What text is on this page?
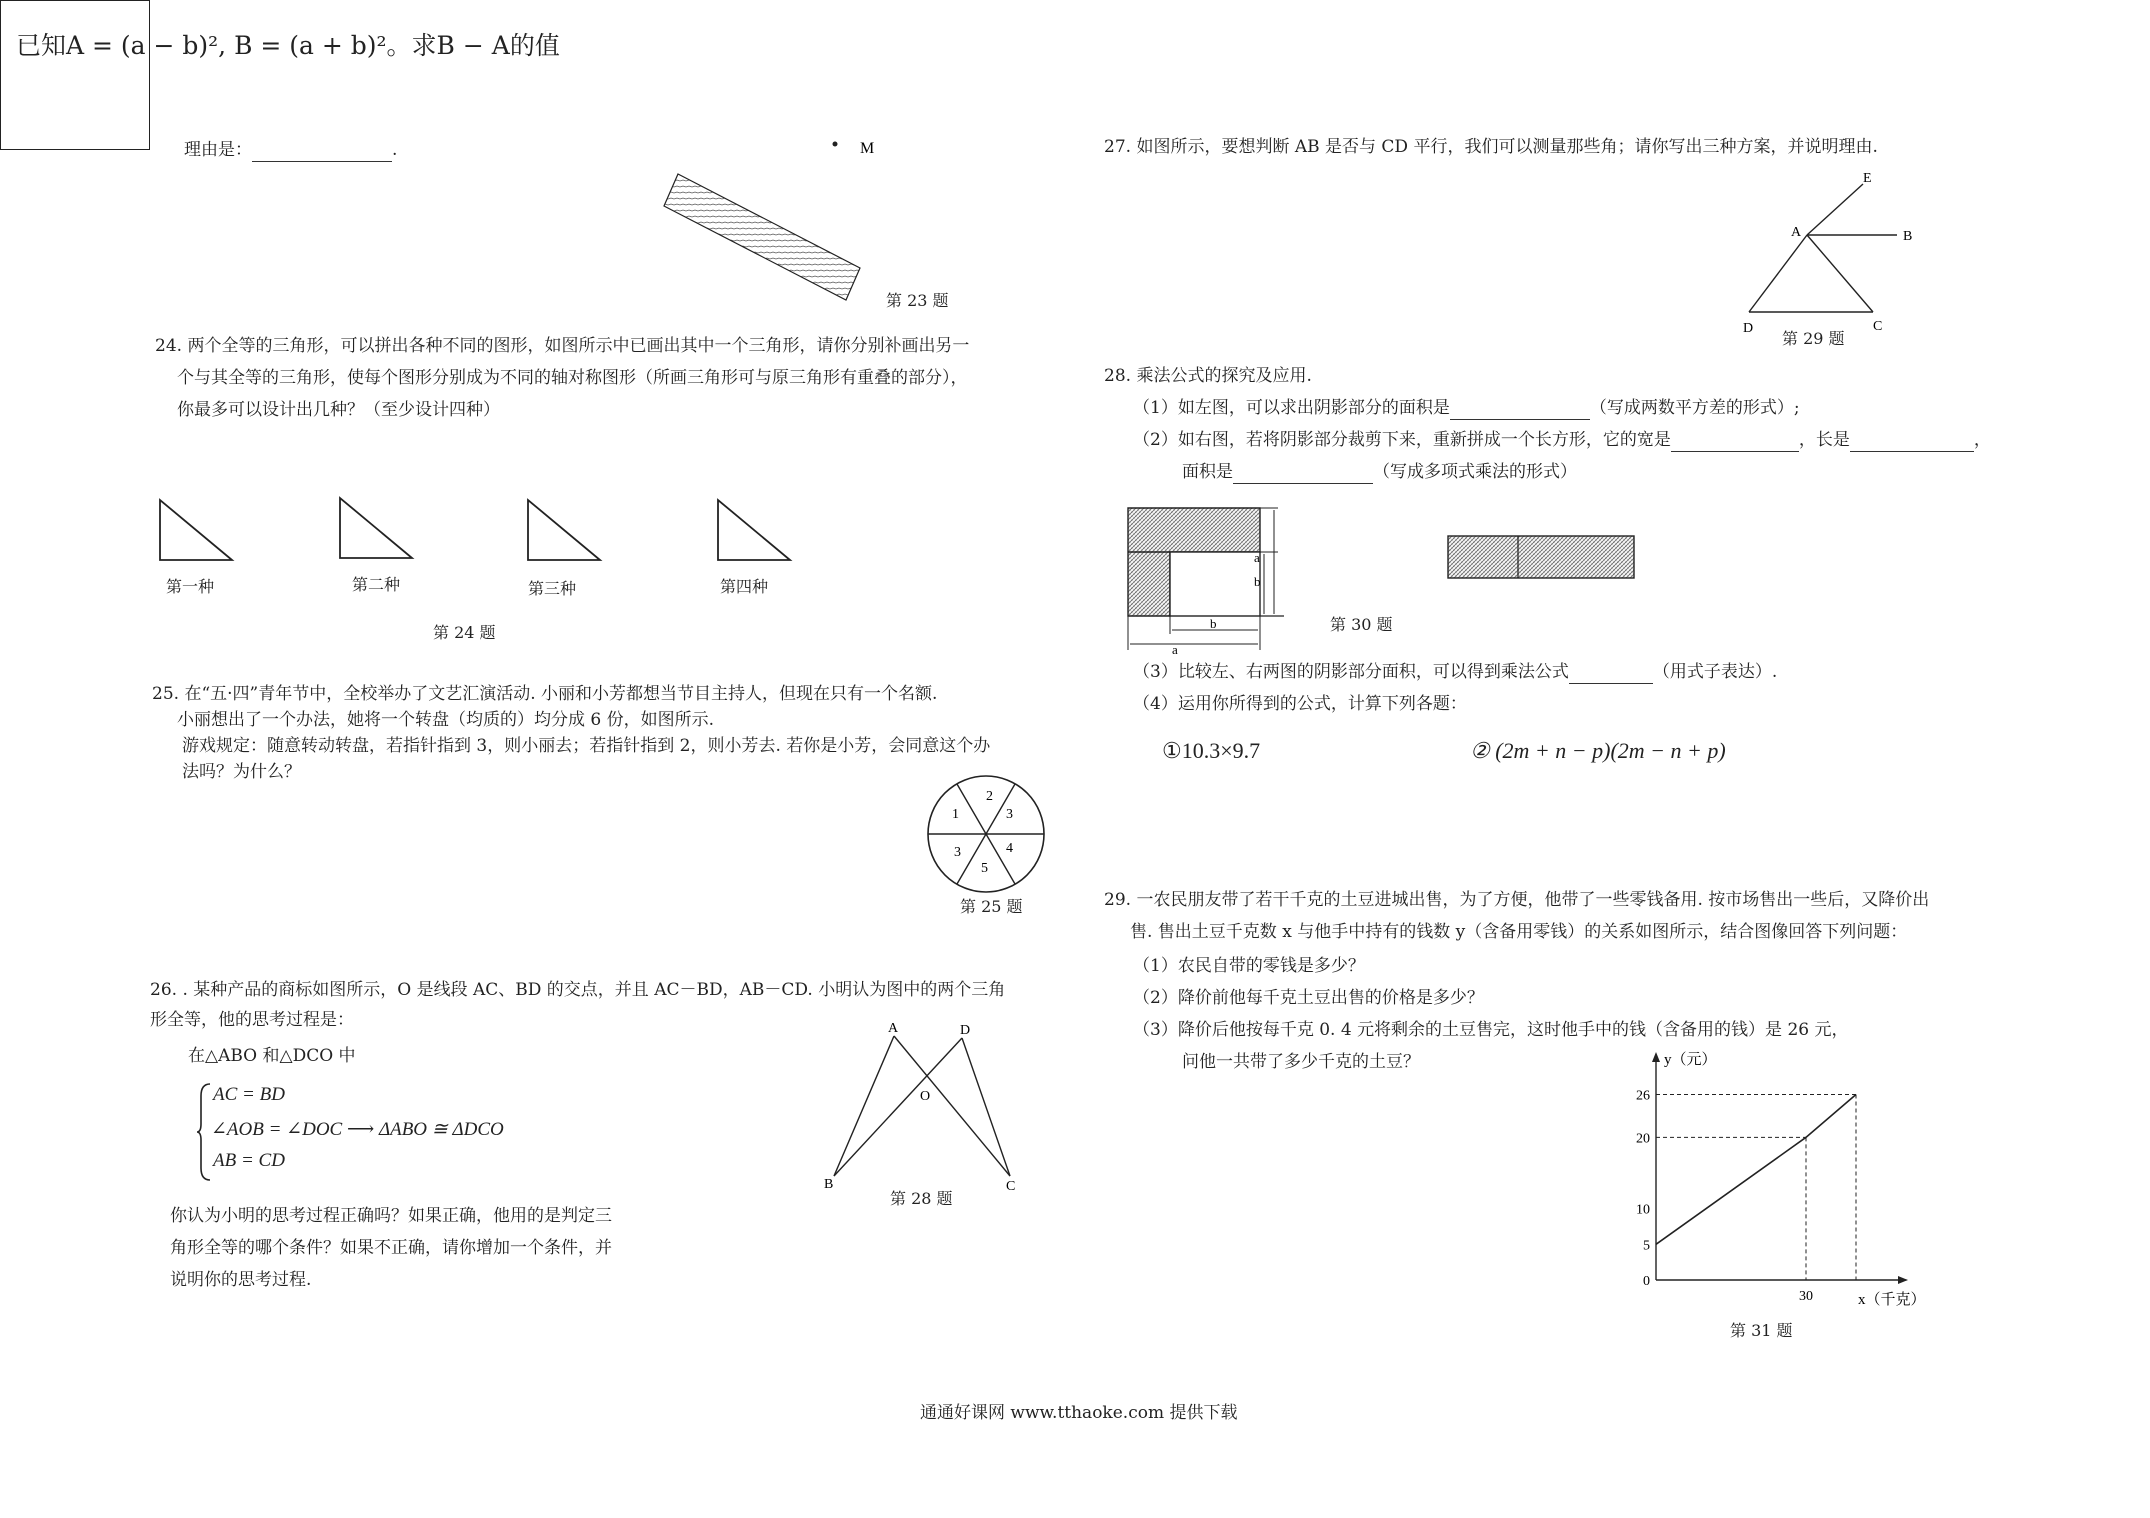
已知A = (a − b)², B = (a + b)²。求B − A的值
理由是：	.	M
第 23 题
24. 两个全等的三角形，可以拼出各种不同的图形，如图所示中已画出其中一个三角形，请你分别补画出另一
个与其全等的三角形，使每个图形分别成为不同的轴对称图形（所画三角形可与原三角形有重叠的部分），
你最多可以设计出几种？（至少设计四种）
第一种	第二种	第三种	第四种
第 24 题
25. 在“五·四”青年节中，全校举办了文艺汇演活动. 小丽和小芳都想当节目主持人，但现在只有一个名额.
小丽想出了一个办法，她将一个转盘（均质的）均分成 6 份，如图所示.
游戏规定：随意转动转盘，若指针指到 3，则小丽去；若指针指到 2，则小芳去. 若你是小芳，会同意这个办
法吗？为什么？
1
2
3
4
5
3
第 25 题
26. . 某种产品的商标如图所示，O 是线段 AC、BD 的交点，并且 AC－BD，AB－CD. 小明认为图中的两个三角
形全等，他的思考过程是：
在△ABO 和△DCO 中
AC = BD
∠AOB = ∠DOC ⟶ ΔABO ≅ ΔDCO
AB = CD
你认为小明的思考过程正确吗？如果正确，他用的是判定三
角形全等的哪个条件？如果不正确，请你增加一个条件，并
说明你的思考过程.
A	D
O
B	C
第 28 题
27. 如图所示，要想判断 AB 是否与 CD 平行，我们可以测量那些角；请你写出三种方案，并说明理由.
E
A	B
D	C
第 29 题
28. 乘法公式的探究及应用.
（1）如左图，可以求出阴影部分的面积是	（写成两数平方差的形式）;
（2）如右图，若将阴影部分裁剪下来，重新拼成一个长方形，它的宽是	，长是	，
面积是	（写成多项式乘法的形式）
a
b
b
a
第 30 题
（3）比较左、右两图的阴影部分面积，可以得到乘法公式	（用式子表达）.
（4）运用你所得到的公式，计算下列各题：
①10.3×9.7	② (2m + n − p)(2m − n + p)
29. 一农民朋友带了若干千克的土豆进城出售，为了方便，他带了一些零钱备用. 按市场售出一些后，又降价出
售. 售出土豆千克数 x 与他手中持有的钱数 y（含备用零钱）的关系如图所示，结合图像回答下列问题：
（1）农民自带的零钱是多少？
（2）降价前他每千克土豆出售的价格是多少？
（3）降价后他按每千克 0. 4 元将剩余的土豆售完，这时他手中的钱（含备用的钱）是 26 元，
问他一共带了多少千克的土豆？	y（元）
x（千克）
0
5
10
20
26
30
第 31 题
通通好课网 www.tthaoke.com 提供下载
